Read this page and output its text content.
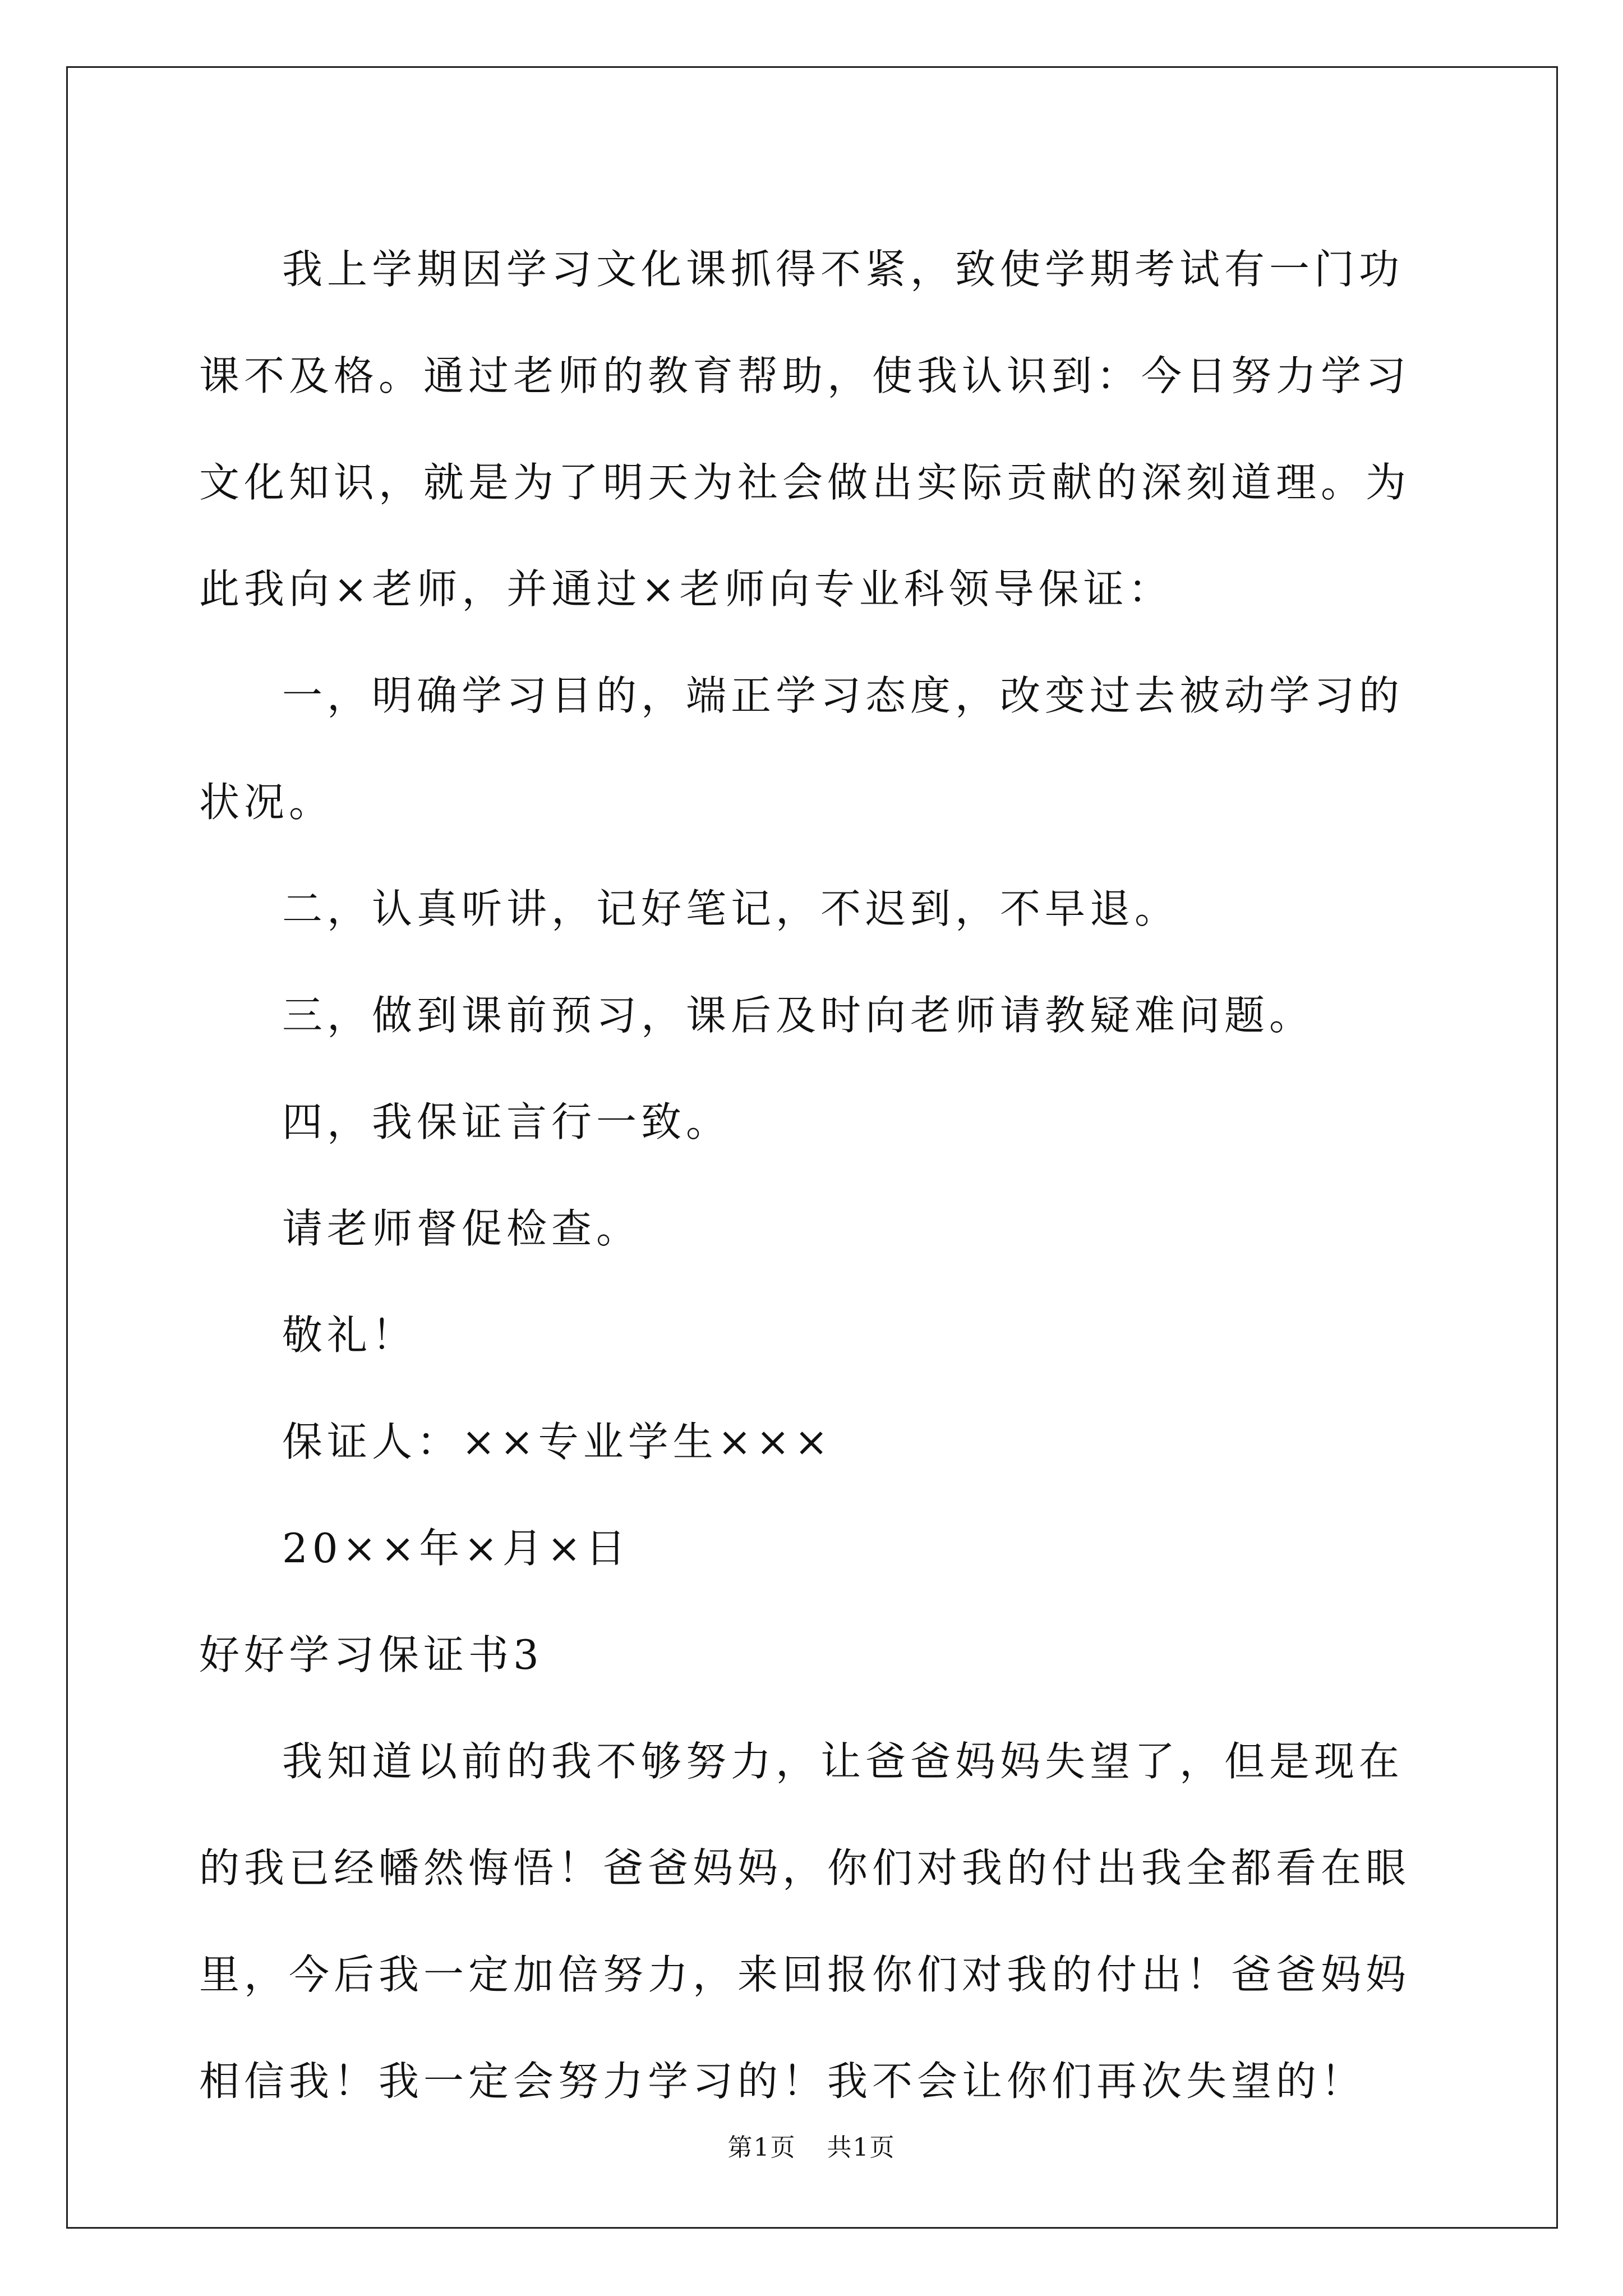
我上学期因学习文化课抓得不紧，致使学期考试有一门功课不及格。通过老师的教育帮助，使我认识到：今日努力学习文化知识，就是为了明天为社会做出实际贡献的深刻道理。为此我向×老师，并通过×老师向专业科领导保证：

一，明确学习目的，端正学习态度，改变过去被动学习的状况。

二，认真听讲，记好笔记，不迟到，不早退。

三，做到课前预习，课后及时向老师请教疑难问题。

四，我保证言行一致。

请老师督促检查。

敬礼！

保证人：××专业学生×××

20××年×月×日

好好学习保证书3

我知道以前的我不够努力，让爸爸妈妈失望了，但是现在的我已经幡然悔悟！爸爸妈妈，你们对我的付出我全都看在眼里，今后我一定加倍努力，来回报你们对我的付出！爸爸妈妈相信我！我一定会努力学习的！我不会让你们再次失望的！

第1页 共1页
